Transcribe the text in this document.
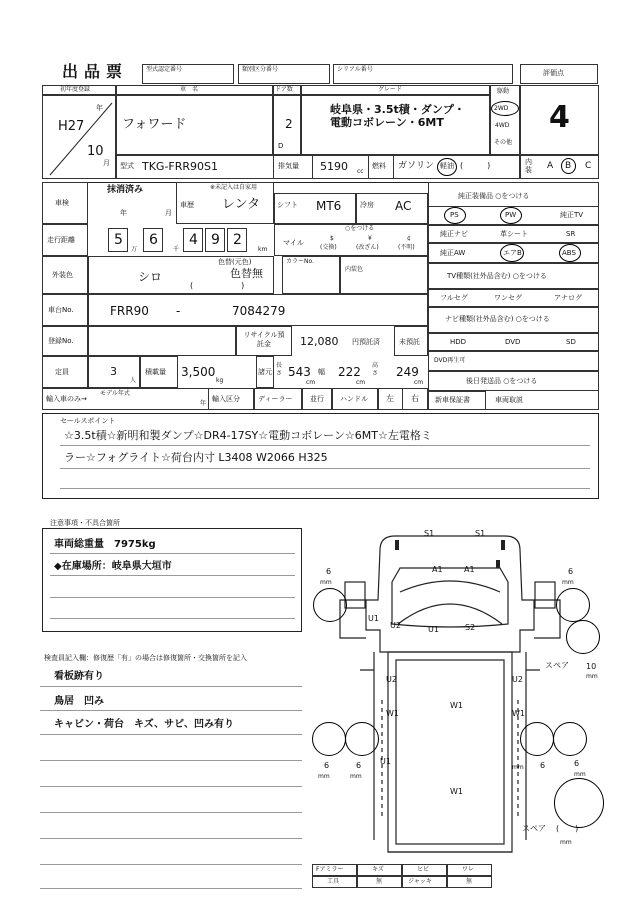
出品票	型式認定番号	類別区分番号	シリアル番号	評価点
初年度登録	車　名	ドア数	グレード
年
H27
10
月
フォワード	2
D
岐阜県・3.5t積・ダンプ・電動コボレーン・6MT
駆動
2WD
4WD
その他
4
型式 TKG-FRR90S1	排気量 5190 cc
燃料 ガソリン 軽油 (　　　)	内装 A B C
車検
抹消済み
年	月
※未記入は自家用
車歴 レンタ シフト MT6	冷房 AC
走行距離	5
万
6
千
4 9 2
km
マイル
○をつける
$
(交換)
¥
(改ざん)
¢
(不明)
外装色	シロ
色替(元色)
色替無
(　　　　　　)
カラーNo.
内装色
車台No.	FRR90 -	7084279
登録No.
リサイクル預託金	12,080 円預託済	未預託
定員	3
人
積載量 3,500
kg
諸元
長さ 543
cm
幅 222
cm
高さ 249
cm
輸入車のみ→
モデル年式
年
輸入区分	ディーラー	並行 ハンドル 左 右
純正装備品 ○をつける
PS	PW	純正TV
純正ナビ	革シート	SR
純正AW	エアB	ABS
TV種類(社外品含む) ○をつける
フルセグ	ワンセグ	アナログ
ナビ種類(社外品含む) ○をつける
HDD	DVD	SD
DVD再生可
後日発送品 ○をつける
新車保証書	車両取説
セールスポイント
☆3.5t積☆新明和製ダンプ☆DR4-17SY☆電動コボレーン☆6MT☆左電格ミ
ラー☆フォグライト☆荷台内寸 L3408 W2066 H325
注意事項・不具合箇所
車両総重量　7975kg
◆在庫場所：岐阜県大垣市
検査員記入欄：修復歴「有」の場合は修復箇所・交換箇所を記入
看板跡有り
鳥居　凹み
キャビン・荷台　キズ、サビ、凹み有り
S1	S1
A1	A1
U1
U2	U1	S2
U2	U2
W1
W1
W1
U1
W1
6
mm
6
mm
スペア 10
mm
6
mm
6
mm
6
mm	6
mm
スペア (　　)
mm
Fアミラー	キズ	ヒビ	ワレ
工具	無	ジャッキ	無
